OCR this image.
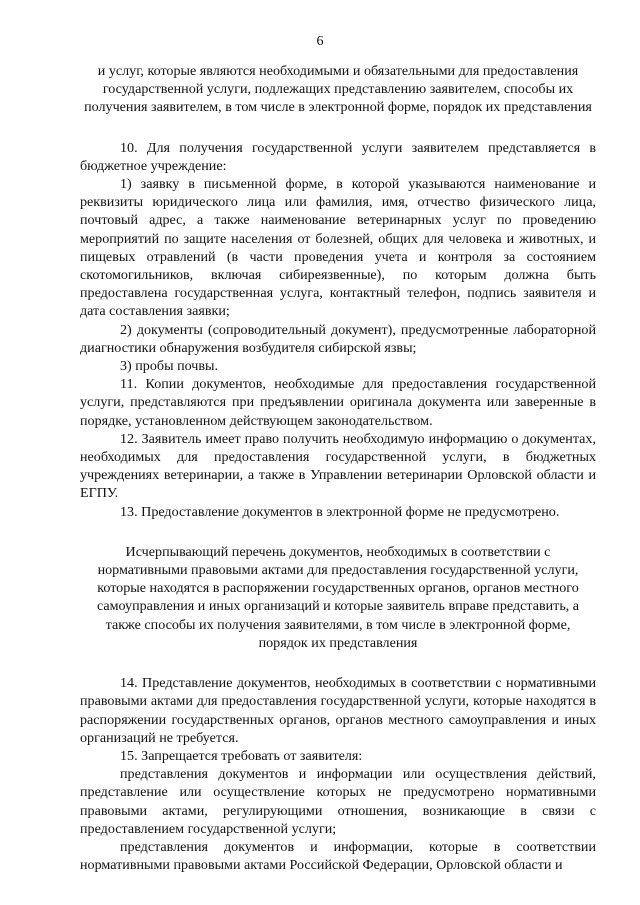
6
и услуг, которые являются необходимыми и обязательными для предоставления государственной услуги, подлежащих представлению заявителем, способы их получения заявителем, в том числе в электронной форме, порядок их представления
10. Для получения государственной услуги заявителем представляется в бюджетное учреждение:
1) заявку в письменной форме, в которой указываются наименование и реквизиты юридического лица или фамилия, имя, отчество физического лица, почтовый адрес, а также наименование ветеринарных услуг по проведению мероприятий по защите населения от болезней, общих для человека и животных, и пищевых отравлений (в части проведения учета и контроля за состоянием скотомогильников, включая сибиреязвенные), по которым должна быть предоставлена государственная услуга, контактный телефон, подпись заявителя и дата составления заявки;
2) документы (сопроводительный документ), предусмотренные лабораторной диагностики обнаружения возбудителя сибирской язвы;
3) пробы почвы.
11. Копии документов, необходимые для предоставления государственной услуги, представляются при предъявлении оригинала документа или заверенные в порядке, установленном действующем законодательством.
12. Заявитель имеет право получить необходимую информацию о документах, необходимых для предоставления государственной услуги, в бюджетных учреждениях ветеринарии, а также в Управлении ветеринарии Орловской области и ЕГПУ.
13. Предоставление документов в электронной форме не предусмотрено.
Исчерпывающий перечень документов, необходимых в соответствии с нормативными правовыми актами для предоставления государственной услуги, которые находятся в распоряжении государственных органов, органов местного самоуправления и иных организаций и которые заявитель вправе представить, а также способы их получения заявителями, в том числе в электронной форме, порядок их представления
14. Представление документов, необходимых в соответствии с нормативными правовыми актами для предоставления государственной услуги, которые находятся в распоряжении государственных органов, органов местного самоуправления и иных организаций не требуется.
15. Запрещается требовать от заявителя:
представления документов и информации или осуществления действий, представление или осуществление которых не предусмотрено нормативными правовыми актами, регулирующими отношения, возникающие в связи с предоставлением государственной услуги;
представления документов и информации, которые в соответствии нормативными правовыми актами Российской Федерации, Орловской области и
